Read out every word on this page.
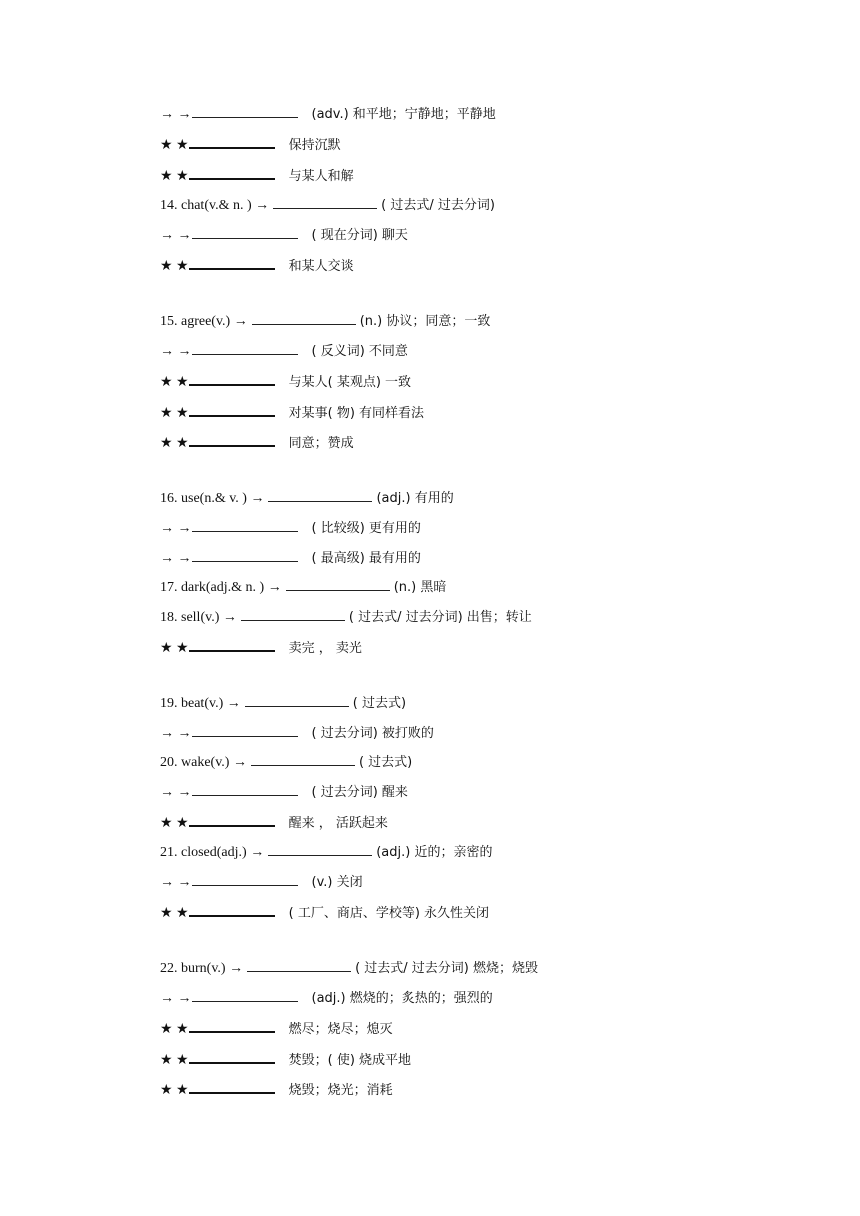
→ →	(adv.) 和平地；宁静地；平静地
★ ★	保持沉默
★ ★	与某人和解
14. chat(v.& n. ) →	( 过去式/ 过去分词)
→ →	( 现在分词) 聊天
★ ★	和某人交谈
15. agree(v.) →	(n.) 协议；同意；一致
→ →	( 反义词) 不同意
★ ★	与某人( 某观点) 一致
★ ★	对某事( 物) 有同样看法
★ ★	同意；赞成
16. use(n.& v. ) →	(adj.) 有用的
→ →	( 比较级) 更有用的
→ →	( 最高级) 最有用的
17. dark(adj.& n. ) →	(n.) 黑暗
18. sell(v.) →	( 过去式/ 过去分词) 出售；转让
★ ★	卖完 ， 卖光
19. beat(v.) →	( 过去式)
→ →	( 过去分词) 被打败的
20. wake(v.) →	( 过去式)
→ →	( 过去分词) 醒来
★ ★	醒来 ， 活跃起来
21. closed(adj.) →	(adj.) 近的；亲密的
→ →	(v.) 关闭
★ ★	( 工厂、商店、学校等) 永久性关闭
22. burn(v.) →	( 过去式/ 过去分词) 燃烧；烧毁
→ →	(adj.) 燃烧的；炙热的；强烈的
★ ★	燃尽；烧尽；熄灭
★ ★	焚毁；( 使) 烧成平地
★ ★	烧毁；烧光；消耗
